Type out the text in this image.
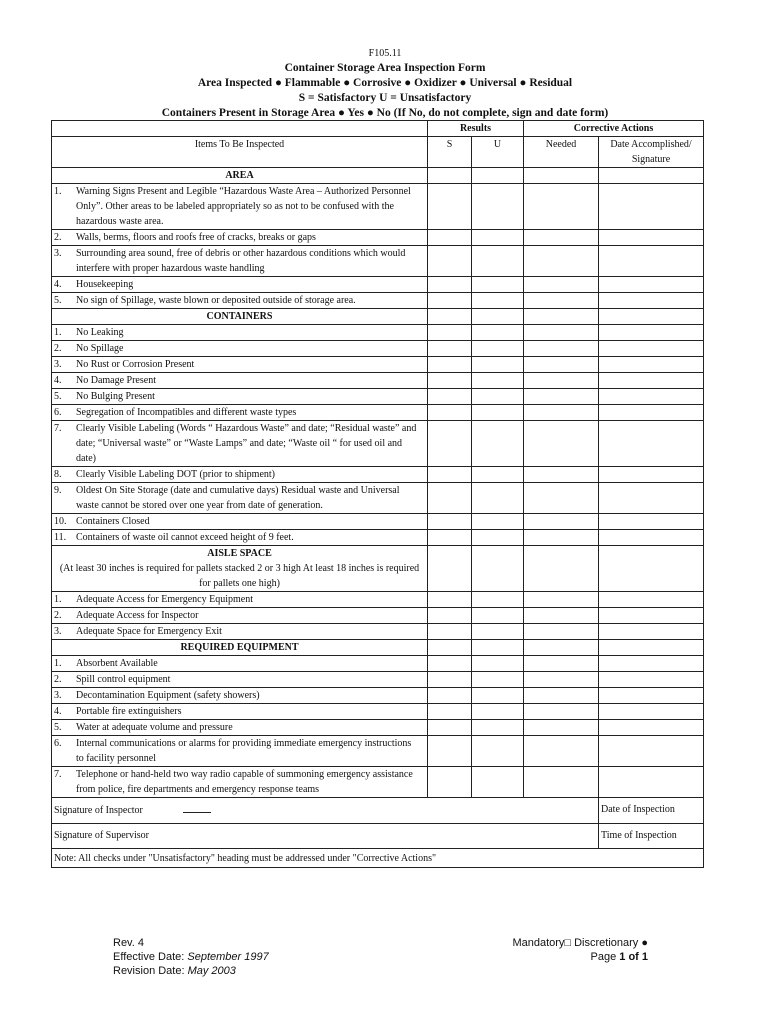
F105.11
Container Storage Area Inspection Form
Area Inspected ● Flammable ● Corrosive ● Oxidizer ● Universal ● Residual
S = Satisfactory U = Unsatisfactory
Containers Present in Storage Area ● Yes ● No (If No, do not complete, sign and date form)
	Results		Corrective Actions	
Items To Be Inspected	S	U	Needed	Date Accomplished/ Signature

AREA				

1. Warning Signs Present and Legible “Hazardous Waste Area – Authorized Personnel Only”. Other areas to be labeled appropriately so as not to be confused with the hazardous waste area.				
2. Walls, berms, floors and roofs free of cracks, breaks or gaps				
3. Surrounding area sound, free of debris or other hazardous conditions which would interfere with proper hazardous waste handling				
4. Housekeeping				
5. No sign of Spillage, waste blown or deposited outside of storage area.				

CONTAINERS				

1. No Leaking				
2. No Spillage				
3. No Rust or Corrosion Present				
4. No Damage Present				
5. No Bulging Present				
6. Segregation of Incompatibles and different waste types				
7. Clearly Visible Labeling (Words “ Hazardous Waste” and date; “Residual waste” and date; “Universal waste” or “Waste Lamps” and date; “Waste oil “ for used oil and date)				
8. Clearly Visible Labeling DOT (prior to shipment)				
9. Oldest On Site Storage (date and cumulative days) Residual waste and Universal waste cannot be stored over one year from date of generation.				
10. Containers Closed				
11. Containers of waste oil cannot exceed height of 9 feet.				

AISLE SPACE
(At least 30 inches is required for pallets stacked 2 or 3 high At least 18 inches is required for pallets one high)				

1. Adequate Access for Emergency Equipment				
2. Adequate Access for Inspector				
3. Adequate Space for Emergency Exit				

REQUIRED EQUIPMENT				

1. Absorbent Available				
2. Spill control equipment				
3. Decontamination Equipment (safety showers)				
4. Portable fire extinguishers				
5. Water at adequate volume and pressure				
6. Internal communications or alarms for providing immediate emergency instructions to facility personnel				
7. Telephone or hand-held two way radio capable of summoning emergency assistance from police, fire departments and emergency response teams				
Signature of Inspector				Date of Inspection
Signature of Supervisor				Time of Inspection
Note: All checks under "Unsatisfactory" heading must be addressed under "Corrective Actions"				
Rev. 4
Effective Date: September 1997
Revision Date: May 2003
Mandatory□ Discretionary ●
Page 1 of 1
